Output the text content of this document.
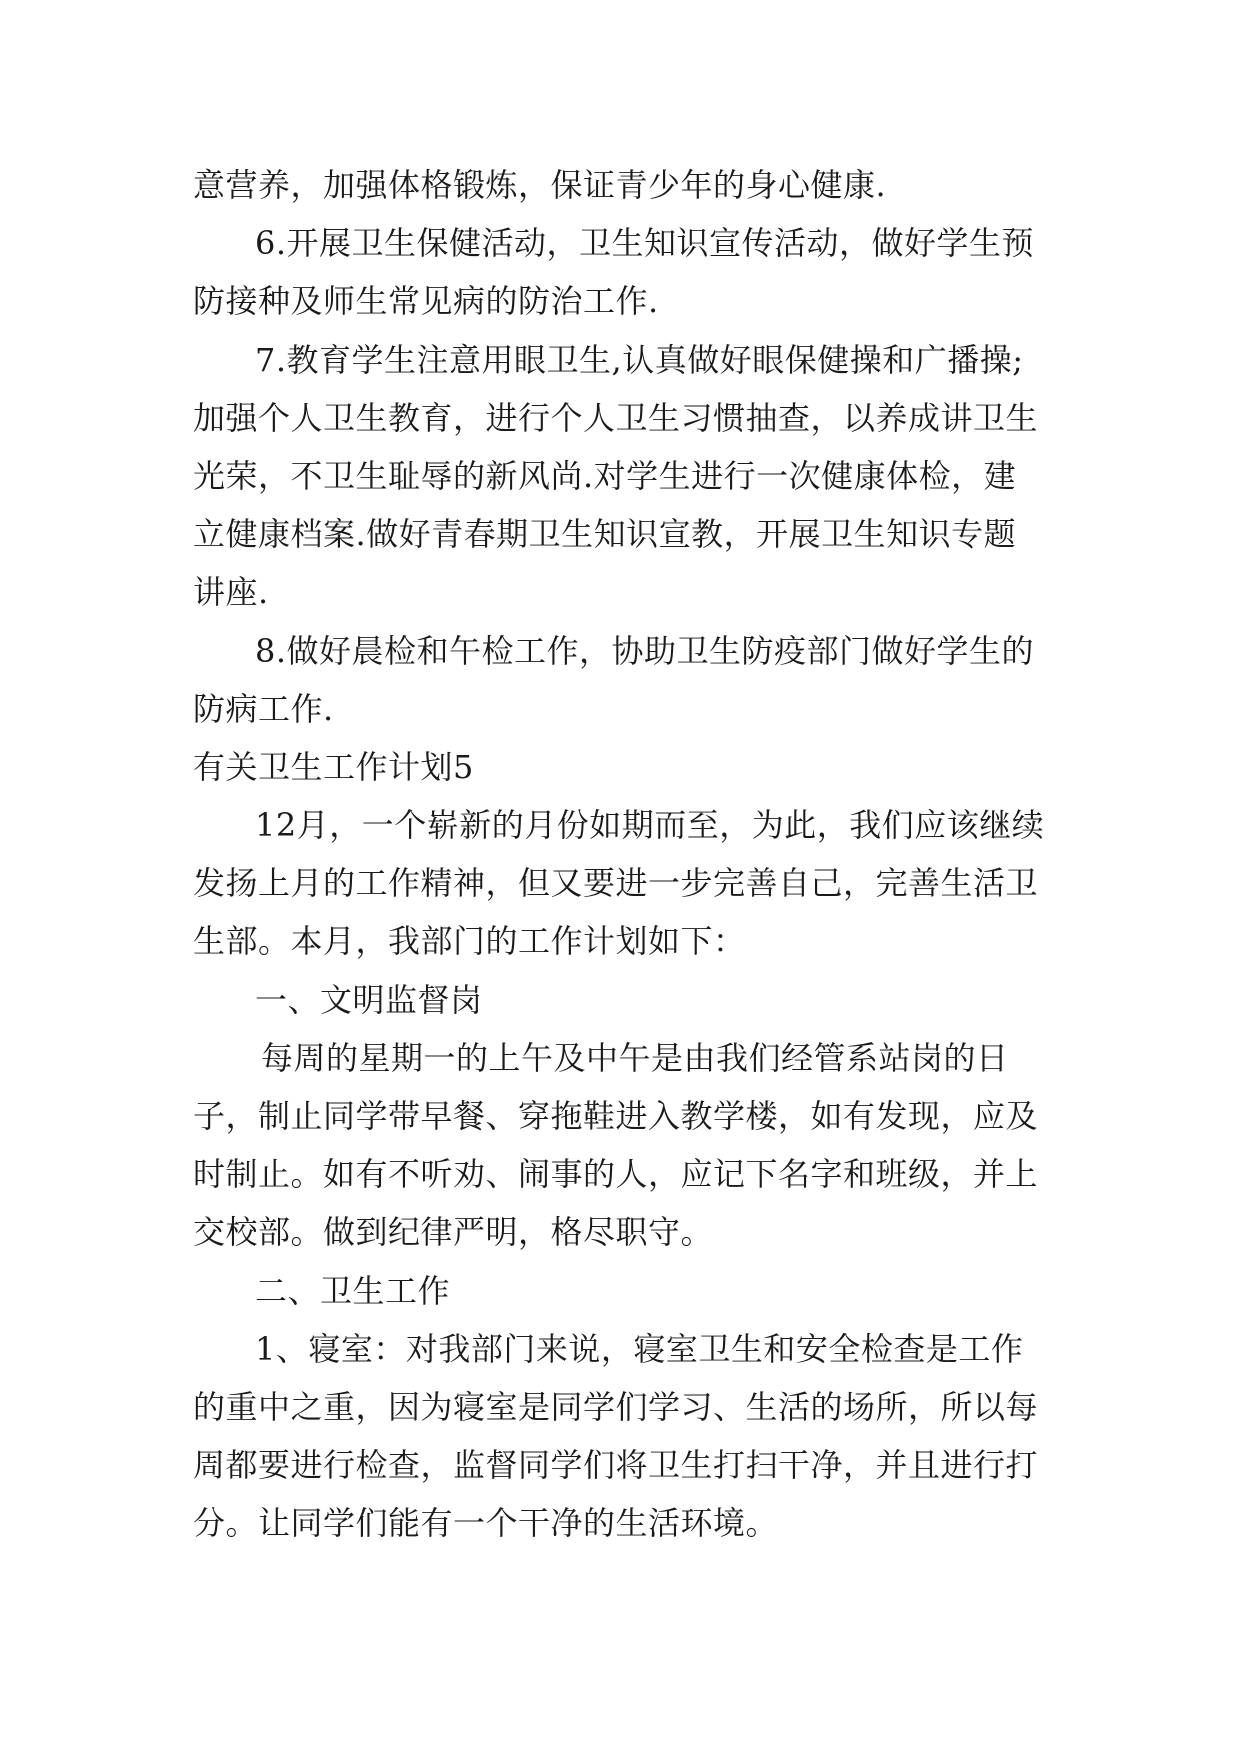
意营养，加强体格锻炼，保证青少年的身心健康.
6.开展卫生保健活动，卫生知识宣传活动，做好学生预
防接种及师生常见病的防治工作.
7.教育学生注意用眼卫生,认真做好眼保健操和广播操;
加强个人卫生教育，进行个人卫生习惯抽查，以养成讲卫生
光荣，不卫生耻辱的新风尚.对学生进行一次健康体检，建
立健康档案.做好青春期卫生知识宣教，开展卫生知识专题
讲座.
8.做好晨检和午检工作，协助卫生防疫部门做好学生的
防病工作.
有关卫生工作计划5
12月，一个崭新的月份如期而至，为此，我们应该继续
发扬上月的工作精神，但又要进一步完善自己，完善生活卫
生部。本月，我部门的工作计划如下：
一、文明监督岗
每周的星期一的上午及中午是由我们经管系站岗的日
子，制止同学带早餐、穿拖鞋进入教学楼，如有发现，应及
时制止。如有不听劝、闹事的人，应记下名字和班级，并上
交校部。做到纪律严明，格尽职守。
二、卫生工作
1、寝室：对我部门来说，寝室卫生和安全检查是工作
的重中之重，因为寝室是同学们学习、生活的场所，所以每
周都要进行检查，监督同学们将卫生打扫干净，并且进行打
分。让同学们能有一个干净的生活环境。
